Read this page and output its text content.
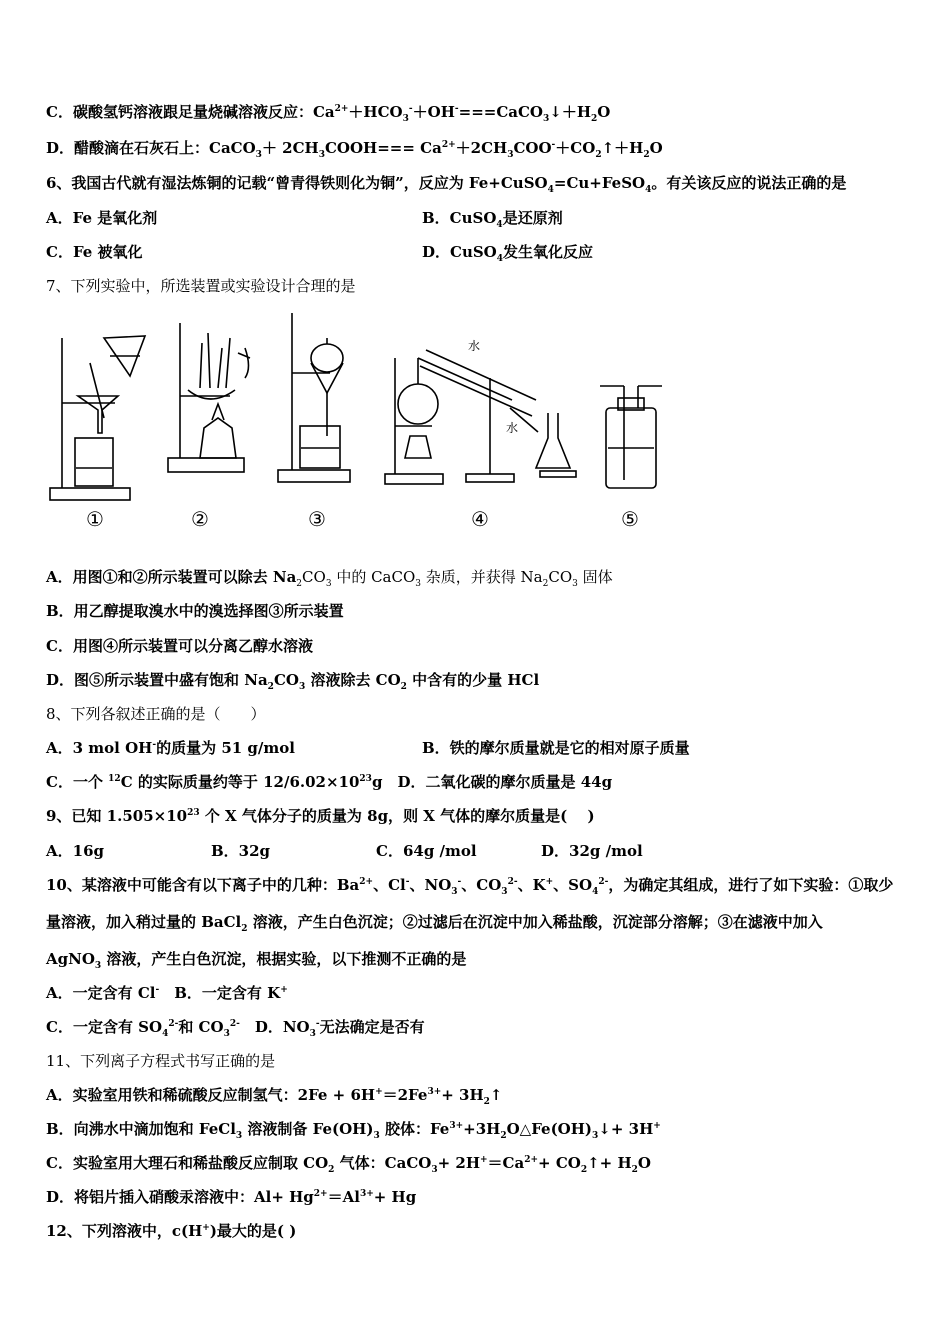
C．碳酸氢钙溶液跟足量烧碱溶液反应：$Ca^{2+}+HCO_3^-+OH^-===CaCO_3↓+H_2O$
D．醋酸滴在石灰石上：CaCO$_3$＋ $2CH_3COOH===$ $Ca^{2+}+2CH_3COO^-+CO_2↑+H_2O$
6、我国古代就有湿法炼铜的记载“曾青得铁则化为铜”，反应为 Fe+CuSO$_4$=Cu+FeSO$_4$。有关该反应的说法正确的是
A．Fe 是氧化剂	B．CuSO$_4$是还原剂
C．Fe 被氧化	D．CuSO$_4$发生氧化反应
7、下列实验中，所选装置或实验设计合理的是
水
水
①	②	③	④	⑤
A．用图①和②所示装置可以除去 $Na_2CO_3$ 中的 CaCO$_3$ 杂质，并获得 $Na_2CO_3$ 固体
B．用乙醇提取溴水中的溴选择图③所示装置
C．用图④所示装置可以分离乙醇水溶液
D．图⑤所示装置中盛有饱和 $Na_2CO_3$ 溶液除去 $CO_2$ 中含有的少量 HCl
8、下列各叙述正确的是（　　）
A．3 mol OH-的质量为 51 g/mol	B．铁的摩尔质量就是它的相对原子质量
C．一个 $^{12}$C 的实际质量约等于 $12/6.02\times 10^{23}g$　 D．二氧化碳的摩尔质量是 44g
9、已知 $1.505\times 10^{23}$ 个 X 气体分子的质量为 8g，则 X 气体的摩尔质量是(　 )
A．16g	B．32g	C．64g /mol	D．32g /mol
10、某溶液中可能含有以下离子中的几种：$Ba^{2+}$、Cl-、$NO_3^-$、$CO_3^{2-}$、K+、$SO_4^{2-}$，为确定其组成，进行了如下实验：①取少
量溶液，加入稍过量的 BaCl$_2$ 溶液，产生白色沉淀；②过滤后在沉淀中加入稀盐酸，沉淀部分溶解；③在滤液中加入
AgNO$_3$ 溶液，产生白色沉淀，根据实验，以下推测不正确的是
A．一定含有 Cl-　B．一定含有 K+
C．一定含有 $SO_4^{2-}$和 $CO_3^{2-}$　D．$NO_3^-$无法确定是否有
11、下列离子方程式书写正确的是
A．实验室用铁和稀硫酸反应制氢气：$2Fe + 6H^+=2Fe^{3+}+$ $3H_2↑$
B．向沸水中滴加饱和 FeCl$_3$ 溶液制备 $Fe(OH)_3$ 胶体：$Fe^{3+}+3H_2O\triangle Fe(OH)_3↓+ 3H^+$
C．实验室用大理石和稀盐酸反应制取 $CO_2$ 气体：CaCO$_3$+ $2H^+=Ca^{2+}+$ $CO_2↑+ H_2O$
D．将铝片插入硝酸汞溶液中：$Al+ Hg^{2+}=Al^{3+}+ Hg$
12、下列溶液中，c(H+)最大的是( )
